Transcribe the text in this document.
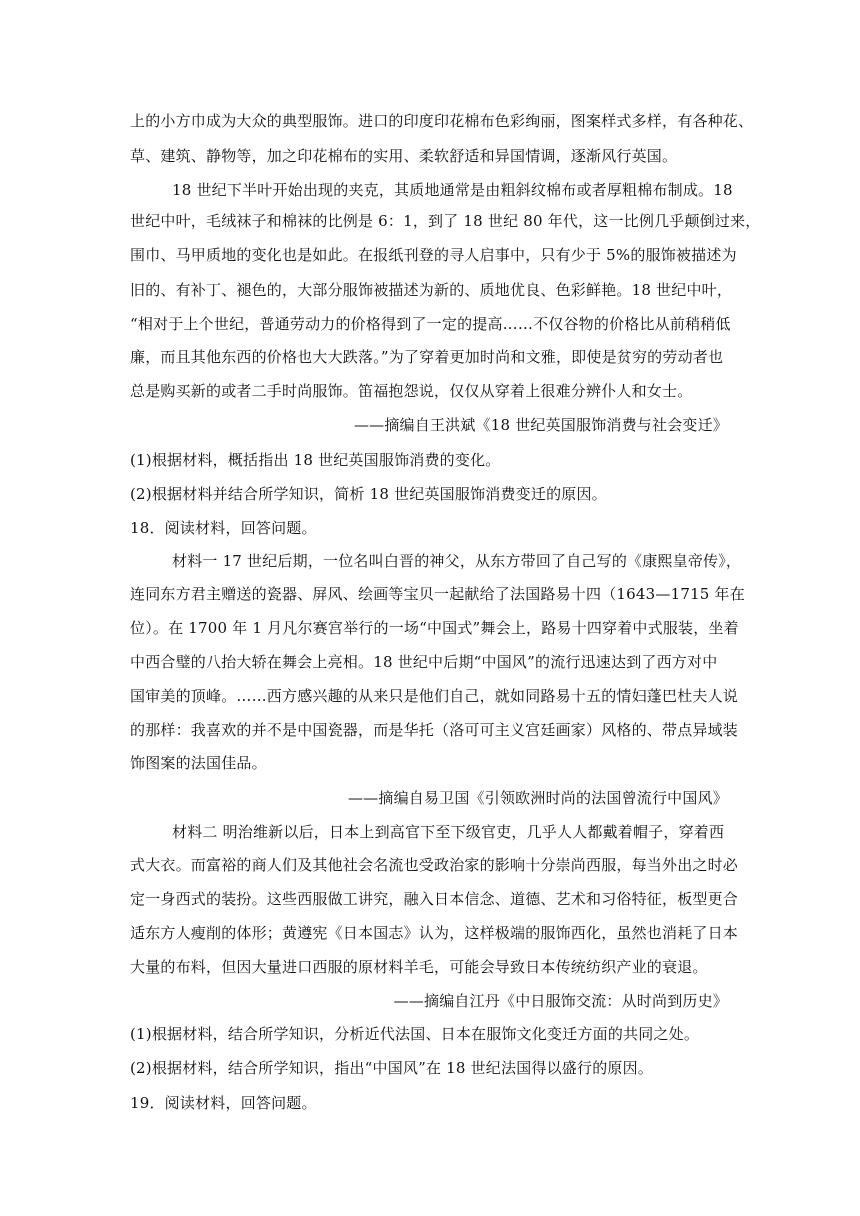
上的小方巾成为大众的典型服饰。进口的印度印花棉布色彩绚丽，图案样式多样，有各种花、
草、建筑、静物等，加之印花棉布的实用、柔软舒适和异国情调，逐渐风行英国。
18 世纪下半叶开始出现的夹克，其质地通常是由粗斜纹棉布或者厚粗棉布制成。18
世纪中叶，毛绒袜子和棉袜的比例是 6：1，到了 18 世纪 80 年代，这一比例几乎颠倒过来，
围巾、马甲质地的变化也是如此。在报纸刊登的寻人启事中，只有少于 5%的服饰被描述为
旧的、有补丁、褪色的，大部分服饰被描述为新的、质地优良、色彩鲜艳。18 世纪中叶，
“相对于上个世纪，普通劳动力的价格得到了一定的提高……不仅谷物的价格比从前稍稍低
廉，而且其他东西的价格也大大跌落。”为了穿着更加时尚和文雅，即使是贫穷的劳动者也
总是购买新的或者二手时尚服饰。笛福抱怨说，仅仅从穿着上很难分辨仆人和女士。
——摘编自王洪斌《18 世纪英国服饰消费与社会变迁》
(1)根据材料，概括指出 18 世纪英国服饰消费的变化。
(2)根据材料并结合所学知识，简析 18 世纪英国服饰消费变迁的原因。
18．阅读材料，回答问题。
材料一 17 世纪后期，一位名叫白晋的神父，从东方带回了自己写的《康熙皇帝传》，
连同东方君主赠送的瓷器、屏风、绘画等宝贝一起献给了法国路易十四（1643—1715 年在
位）。在 1700 年 1 月凡尔赛宫举行的一场“中国式”舞会上，路易十四穿着中式服装，坐着
中西合璧的八抬大轿在舞会上亮相。18 世纪中后期“中国风”的流行迅速达到了西方对中
国审美的顶峰。……西方感兴趣的从来只是他们自己，就如同路易十五的情妇蓬巴杜夫人说
的那样：我喜欢的并不是中国瓷器，而是华托（洛可可主义宫廷画家）风格的、带点异域装
饰图案的法国佳品。
——摘编自易卫国《引领欧洲时尚的法国曾流行中国风》
材料二 明治维新以后，日本上到高官下至下级官吏，几乎人人都戴着帽子，穿着西
式大衣。而富裕的商人们及其他社会名流也受政治家的影响十分崇尚西服，每当外出之时必
定一身西式的装扮。这些西服做工讲究，融入日本信念、道德、艺术和习俗特征，板型更合
适东方人瘦削的体形；黄遵宪《日本国志》认为，这样极端的服饰西化，虽然也消耗了日本
大量的布料，但因大量进口西服的原材料羊毛，可能会导致日本传统纺织产业的衰退。
——摘编自江丹《中日服饰交流：从时尚到历史》
(1)根据材料，结合所学知识，分析近代法国、日本在服饰文化变迁方面的共同之处。
(2)根据材料，结合所学知识，指出“中国风”在 18 世纪法国得以盛行的原因。
19．阅读材料，回答问题。
